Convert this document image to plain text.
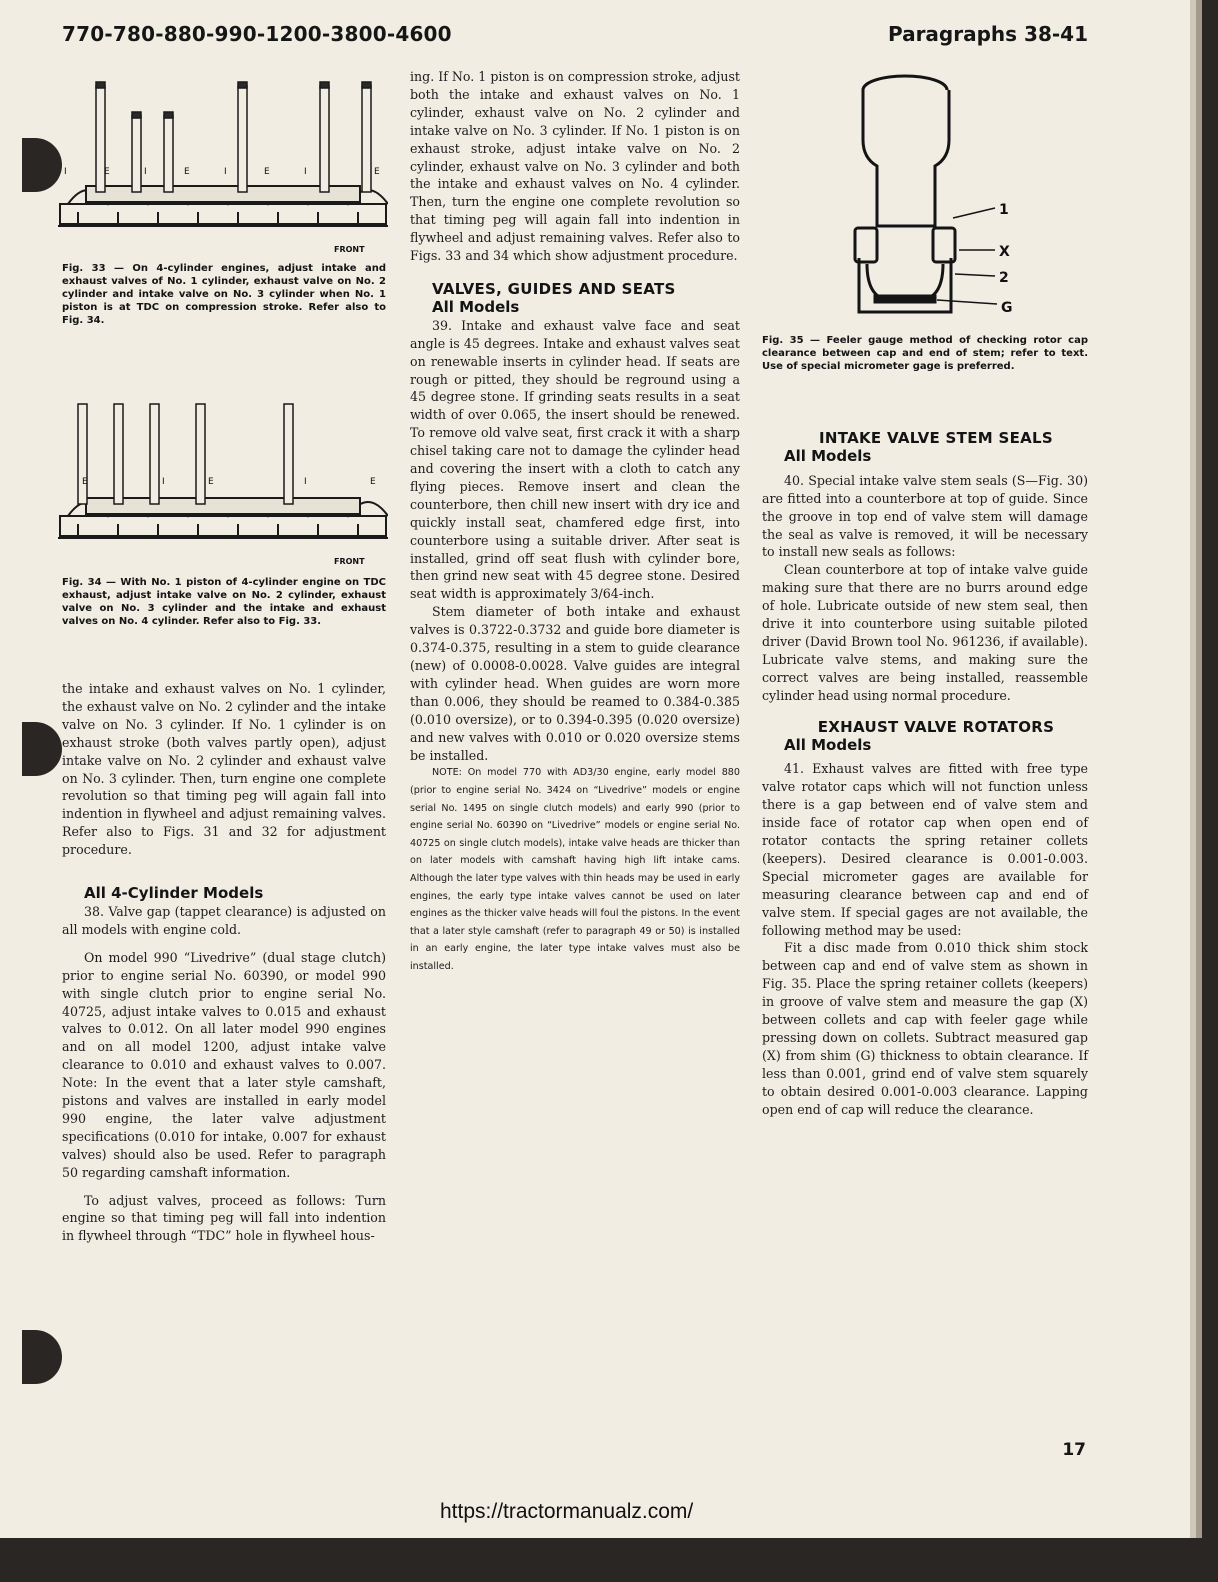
770-780-880-990-1200-3800-4600	Paragraphs 38-41
I	E	I	E	I	E	I	E
FRONT

Fig. 33 — On 4-cylinder engines, adjust intake and exhaust valves of No. 1 cylinder, exhaust valve on No. 2 cylinder and intake valve on No. 3 cylinder when No. 1 piston is at TDC on compression stroke. Refer also to Fig. 34.

E	I	E	I	E
FRONT

Fig. 34 — With No. 1 piston of 4-cylinder engine on TDC exhaust, adjust intake valve on No. 2 cylinder, exhaust valve on No. 3 cylinder and the intake and exhaust valves on No. 4 cylinder. Refer also to Fig. 33.

the intake and exhaust valves on No. 1 cylinder, the exhaust valve on No. 2 cylinder and the intake valve on No. 3 cylinder. If No. 1 cylinder is on exhaust stroke (both valves partly open), adjust intake valve on No. 2 cylinder and exhaust valve on No. 3 cylinder. Then, turn engine one complete revolution so that timing peg will again fall into indention in flywheel and adjust remaining valves. Refer also to Figs. 31 and 32 for adjustment procedure.

All 4-Cylinder Models

38. Valve gap (tappet clearance) is adjusted on all models with engine cold.

On model 990 “Livedrive” (dual stage clutch) prior to engine serial No. 60390, or model 990 with single clutch prior to engine serial No. 40725, adjust intake valves to 0.015 and exhaust valves to 0.012. On all later model 990 engines and on all model 1200, adjust intake valve clearance to 0.010 and exhaust valves to 0.007. Note: In the event that a later style camshaft, pistons and valves are installed in early model 990 engine, the later valve adjustment specifications (0.010 for intake, 0.007 for exhaust valves) should also be used. Refer to paragraph 50 regarding camshaft information.

To adjust valves, proceed as follows: Turn engine so that timing peg will fall into indention in flywheel through “TDC” hole in flywheel hous-

ing. If No. 1 piston is on compression stroke, adjust both the intake and exhaust valves on No. 1 cylinder, exhaust valve on No. 2 cylinder and intake valve on No. 3 cylinder. If No. 1 piston is on exhaust stroke, adjust intake valve on No. 2 cylinder, exhaust valve on No. 3 cylinder and both the intake and exhaust valves on No. 4 cylinder. Then, turn the engine one complete revolution so that timing peg will again fall into indention in flywheel and adjust remaining valves. Refer also to Figs. 33 and 34 which show adjustment procedure.

VALVES, GUIDES AND SEATS

All Models

39. Intake and exhaust valve face and seat angle is 45 degrees. Intake and exhaust valves seat on renewable inserts in cylinder head. If seats are rough or pitted, they should be reground using a 45 degree stone. If grinding seats results in a seat width of over 0.065, the insert should be renewed. To remove old valve seat, first crack it with a sharp chisel taking care not to damage the cylinder head and covering the insert with a cloth to catch any flying pieces. Remove insert and clean the counterbore, then chill new insert with dry ice and quickly install seat, chamfered edge first, into counterbore using a suitable driver. After seat is installed, grind off seat flush with cylinder bore, then grind new seat with 45 degree stone. Desired seat width is approximately 3/64-inch.

Stem diameter of both intake and exhaust valves is 0.3722-0.3732 and guide bore diameter is 0.374-0.375, resulting in a stem to guide clearance (new) of 0.0008-0.0028. Valve guides are integral with cylinder head. When guides are worn more than 0.006, they should be reamed to 0.384-0.385 (0.010 oversize), or to 0.394-0.395 (0.020 oversize) and new valves with 0.010 or 0.020 oversize stems be installed.

NOTE: On model 770 with AD3/30 engine, early model 880 (prior to engine serial No. 3424 on “Livedrive” models or engine serial No. 1495 on single clutch models) and early 990 (prior to engine serial No. 60390 on “Livedrive” models or engine serial No. 40725 on single clutch models), intake valve heads are thicker than on later models with camshaft having high lift intake cams. Although the later type valves with thin heads may be used in early engines, the early type intake valves cannot be used on later engines as the thicker valve heads will foul the pistons. In the event that a later style camshaft (refer to paragraph 49 or 50) is installed in an early engine, the later type intake valves must also be installed.

1
X
2
G

Fig. 35 — Feeler gauge method of checking rotor cap clearance between cap and end of stem; refer to text. Use of special micrometer gage is preferred.

INTAKE VALVE STEM SEALS

All Models

40. Special intake valve stem seals (S—Fig. 30) are fitted into a counterbore at top of guide. Since the groove in top end of valve stem will damage the seal as valve is removed, it will be necessary to install new seals as follows:

Clean counterbore at top of intake valve guide making sure that there are no burrs around edge of hole. Lubricate outside of new stem seal, then drive it into counterbore using suitable piloted driver (David Brown tool No. 961236, if available). Lubricate valve stems, and making sure the correct valves are being installed, reassemble cylinder head using normal procedure.

EXHAUST VALVE ROTATORS

All Models

41. Exhaust valves are fitted with free type valve rotator caps which will not function unless there is a gap between end of valve stem and inside face of rotator cap when open end of rotator contacts the spring retainer collets (keepers). Desired clearance is 0.001-0.003. Special micrometer gages are available for measuring clearance between cap and end of valve stem. If special gages are not available, the following method may be used:

Fit a disc made from 0.010 thick shim stock between cap and end of valve stem as shown in Fig. 35. Place the spring retainer collets (keepers) in groove of valve stem and measure the gap (X) between collets and cap with feeler gage while pressing down on collets. Subtract measured gap (X) from shim (G) thickness to obtain clearance. If less than 0.001, grind end of valve stem squarely to obtain desired 0.001-0.003 clearance. Lapping open end of cap will reduce the clearance.

17
https://tractormanualz.com/
